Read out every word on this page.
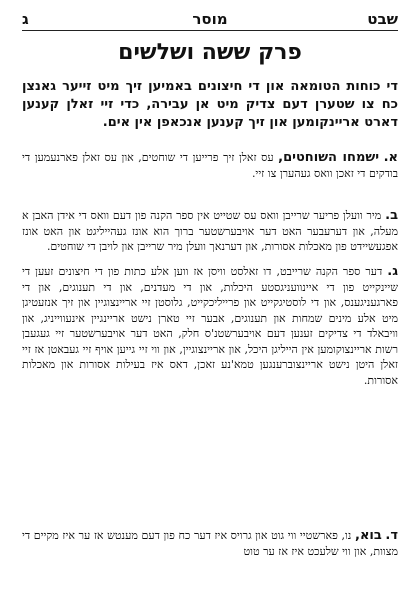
שבט
מוסר
ג
פרק ששה ושלשים
די כוחות הטומאה און די חיצונים באמיען זיך מיט זייער גאנצן כח צו שטערן דעם צדיק מיט אן עבירה, כדי זיי זאלן קענען דארט אריינקומען און זיך קענען אנכאפן אין אים.
א. ישמחו השוחטים, עס זאלן זיך פרייען די שוחטים, און עס זאלן פארנעמען די בודקים די זאכן וואס געהערן צו זיי.
ב. מיר וועלן פריער שרייבן וואס עס שטייט אין ספר הקנה פון דעם וואס די אידן האבן א מעלה, און דערעבער האט דער אויבערשטער ברוך הוא אונז געהייליגט און האט אונז אפגעשיידט פון מאכלות אסורות, און דערנאך וועלן מיר שרייבן און לויבן די שוחטים.
ג. דער ספר הקנה שרייבט, דו זאלסט וויסן אז ווען אלע כתות פון די חיצונים זעען די שיינקייט פון די איינוועניגסטע היכלות, און די מעדנים, און די תענוגים, און די פארגעניגענס, און די לוסטיגקייט און פרייליכקייט, גלוסטן זיי אריינצוגיין און זיך אנזעטיגן מיט אלע מינים שמחות און תענוגים, אבער זיי טארן נישט אריינגיין אינעווייניג, און וויבאלד די צדיקים זענען דעם אויבערשטנ'ס חלק, האט דער אויבערשטער זיי געגעבן רשות אריינצוקומען אין הייליגן היכל, און אריינצוגיין, און ווי זיי גייען אויף זיי געבאטן אז זיי זאלן היטן נישט אריינצוברענגען טמא'נע זאכן, דאס איז בעילות אסורות און מאכלות אסורות.
ד. בוא, נו, פארשטיי ווי גוט און גרויס איז דער כח פון דעם מענטש אז ער איז מקיים די מצוות, און ווי שלעכט איז אז ער טוט
